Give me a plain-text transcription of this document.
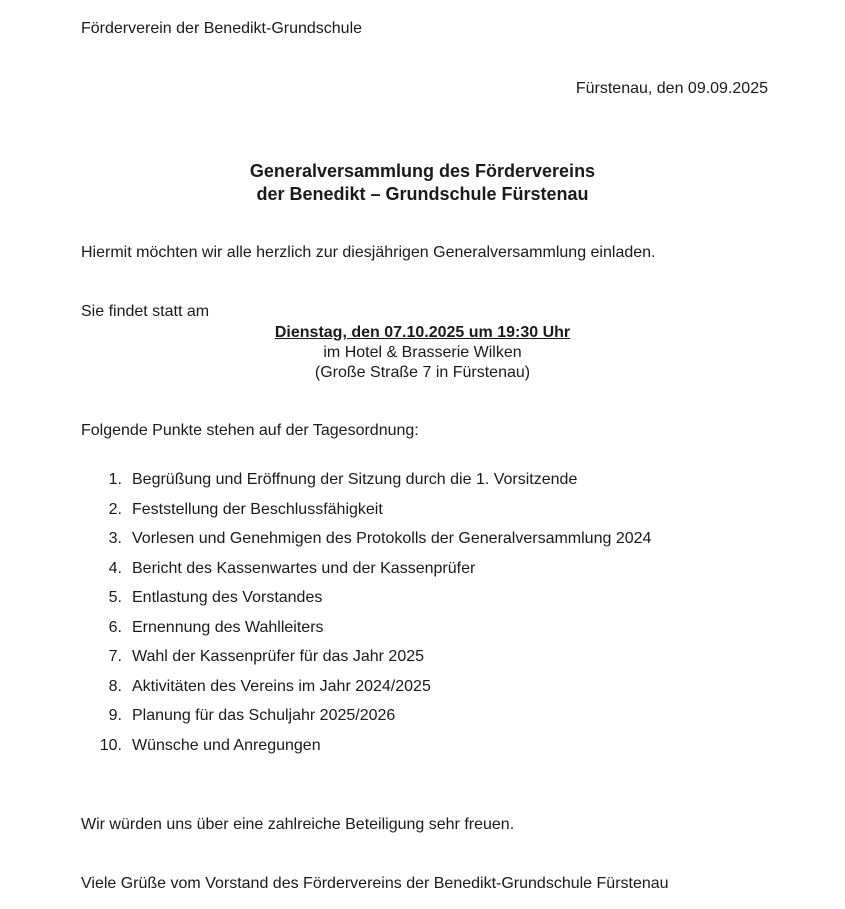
Förderverein der Benedikt-Grundschule
Fürstenau, den 09.09.2025
Generalversammlung des Fördervereins
der Benedikt – Grundschule Fürstenau
Hiermit möchten wir alle herzlich zur diesjährigen Generalversammlung einladen.
Sie findet statt am
Dienstag, den 07.10.2025 um 19:30 Uhr
im Hotel & Brasserie Wilken
(Große Straße 7 in Fürstenau)
Folgende Punkte stehen auf der Tagesordnung:
1. Begrüßung und Eröffnung der Sitzung durch die 1. Vorsitzende
2. Feststellung der Beschlussfähigkeit
3. Vorlesen und Genehmigen des Protokolls der Generalversammlung 2024
4. Bericht des Kassenwartes und der Kassenprüfer
5. Entlastung des Vorstandes
6. Ernennung des Wahlleiters
7. Wahl der Kassenprüfer für das Jahr 2025
8. Aktivitäten des Vereins im Jahr 2024/2025
9. Planung für das Schuljahr 2025/2026
10. Wünsche und Anregungen
Wir würden uns über eine zahlreiche Beteiligung sehr freuen.
Viele Grüße vom Vorstand des Fördervereins der Benedikt-Grundschule Fürstenau
